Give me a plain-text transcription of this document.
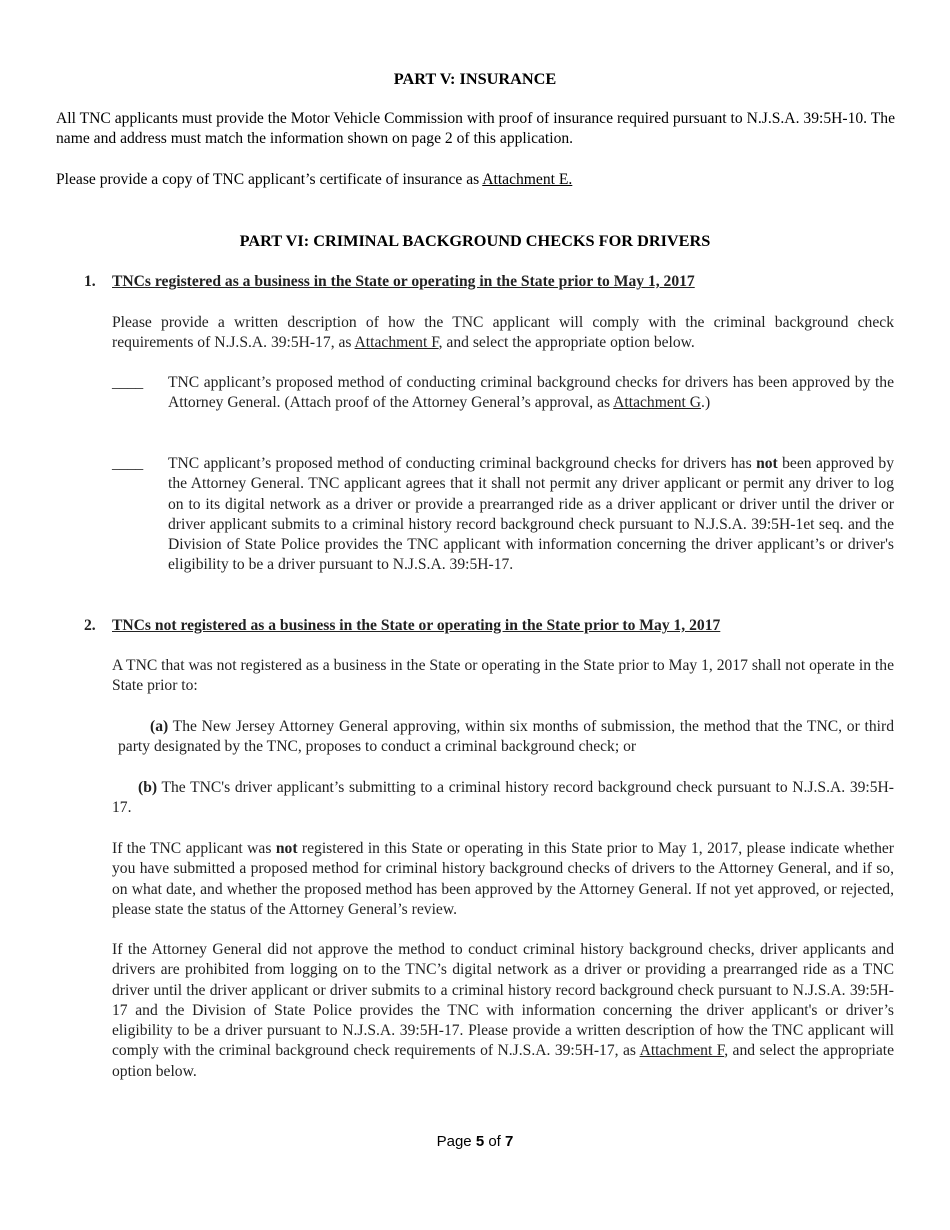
PART V: INSURANCE

All TNC applicants must provide the Motor Vehicle Commission with proof of insurance required pursuant to N.J.S.A. 39:5H-10. The name and address must match the information shown on page 2 of this application.

Please provide a copy of TNC applicant’s certificate of insurance as Attachment E.

PART VI: CRIMINAL BACKGROUND CHECKS FOR DRIVERS
1. TNCs registered as a business in the State or operating in the State prior to May 1, 2017

Please provide a written description of how the TNC applicant will comply with the criminal background check requirements of N.J.S.A. 39:5H-17, as Attachment F, and select the appropriate option below.

____ TNC applicant’s proposed method of conducting criminal background checks for drivers has been approved by the Attorney General. (Attach proof of the Attorney General’s approval, as Attachment G.)

____ TNC applicant’s proposed method of conducting criminal background checks for drivers has not been approved by the Attorney General. TNC applicant agrees that it shall not permit any driver applicant or permit any driver to log on to its digital network as a driver or provide a prearranged ride as a driver applicant or driver until the driver or driver applicant submits to a criminal history record background check pursuant to N.J.S.A. 39:5H-1et seq. and the Division of State Police provides the TNC applicant with information concerning the driver applicant’s or driver's eligibility to be a driver pursuant to N.J.S.A. 39:5H-17.

2. TNCs not registered as a business in the State or operating in the State prior to May 1, 2017

A TNC that was not registered as a business in the State or operating in the State prior to May 1, 2017 shall not operate in the State prior to:

(a) The New Jersey Attorney General approving, within six months of submission, the method that the TNC, or third party designated by the TNC, proposes to conduct a criminal background check; or

(b) The TNC's driver applicant’s submitting to a criminal history record background check pursuant to N.J.S.A. 39:5H-17.

If the TNC applicant was not registered in this State or operating in this State prior to May 1, 2017, please indicate whether you have submitted a proposed method for criminal history background checks of drivers to the Attorney General, and if so, on what date, and whether the proposed method has been approved by the Attorney General. If not yet approved, or rejected, please state the status of the Attorney General’s review.

If the Attorney General did not approve the method to conduct criminal history background checks, driver applicants and drivers are prohibited from logging on to the TNC’s digital network as a driver or providing a prearranged ride as a TNC driver until the driver applicant or driver submits to a criminal history record background check pursuant to N.J.S.A. 39:5H-17 and the Division of State Police provides the TNC with information concerning the driver applicant's or driver’s eligibility to be a driver pursuant to N.J.S.A. 39:5H-17. Please provide a written description of how the TNC applicant will comply with the criminal background check requirements of N.J.S.A. 39:5H-17, as Attachment F, and select the appropriate option below.

Page 5 of 7
